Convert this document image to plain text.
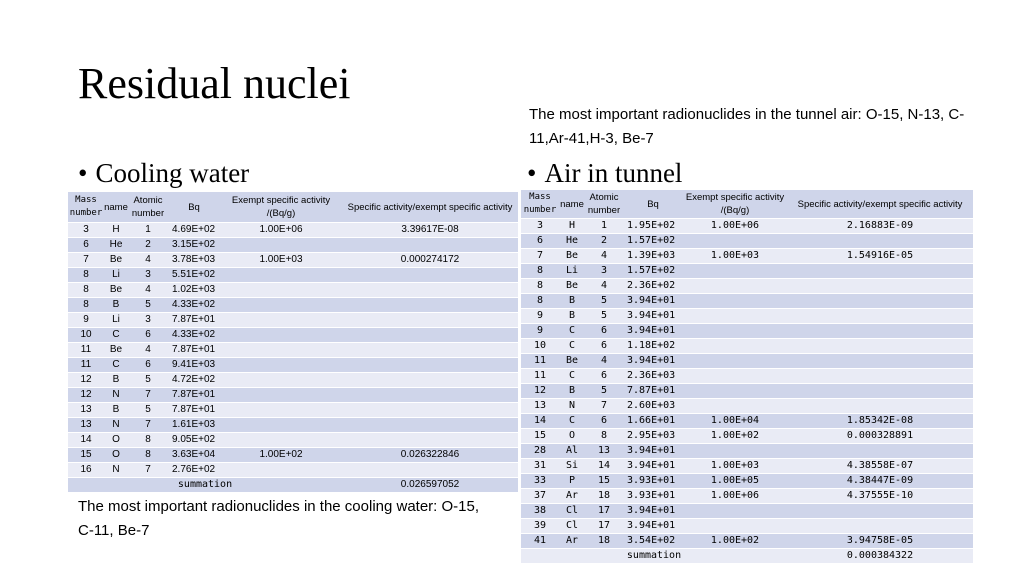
Residual nuclei
The most important radionuclides in the tunnel air: O-15, N-13, C-11,Ar-41,H-3, Be-7
• Cooling water	• Air in tunnel
Mass number	name	Atomic number	Bq	Exempt specific activity /(Bq/g)	Specific activity/exempt specific activity
3	H	1	4.69E+02	1.00E+06	3.39617E-08
6	He	2	3.15E+02		
7	Be	4	3.78E+03	1.00E+03	0.000274172
8	Li	3	5.51E+02		
8	Be	4	1.02E+03		
8	B	5	4.33E+02		
9	Li	3	7.87E+01		
10	C	6	4.33E+02		
11	Be	4	7.87E+01		
11	C	6	9.41E+03		
12	B	5	4.72E+02		
12	N	7	7.87E+01		
13	B	5	7.87E+01		
13	N	7	1.61E+03		
14	O	8	9.05E+02		
15	O	8	3.63E+04	1.00E+02	0.026322846
16	N	7	2.76E+02		
summation					0.026597052
The most important radionuclides in the cooling water: O-15, C-11, Be-7
Mass number	name	Atomic number	Bq	Exempt specific activity /(Bq/g)	Specific activity/exempt specific activity
3	H	1	1.95E+02	1.00E+06	2.16883E-09
6	He	2	1.57E+02		
7	Be	4	1.39E+03	1.00E+03	1.54916E-05
8	Li	3	1.57E+02		
8	Be	4	2.36E+02		
8	B	5	3.94E+01		
9	B	5	3.94E+01		
9	C	6	3.94E+01		
10	C	6	1.18E+02		
11	Be	4	3.94E+01		
11	C	6	2.36E+03		
12	B	5	7.87E+01		
13	N	7	2.60E+03		
14	C	6	1.66E+01	1.00E+04	1.85342E-08
15	O	8	2.95E+03	1.00E+02	0.000328891
28	Al	13	3.94E+01		
31	Si	14	3.94E+01	1.00E+03	4.38558E-07
33	P	15	3.93E+01	1.00E+05	4.38447E-09
37	Ar	18	3.93E+01	1.00E+06	4.37555E-10
38	Cl	17	3.94E+01		
39	Cl	17	3.94E+01		
41	Ar	18	3.54E+02	1.00E+02	3.94758E-05
summation					0.000384322
